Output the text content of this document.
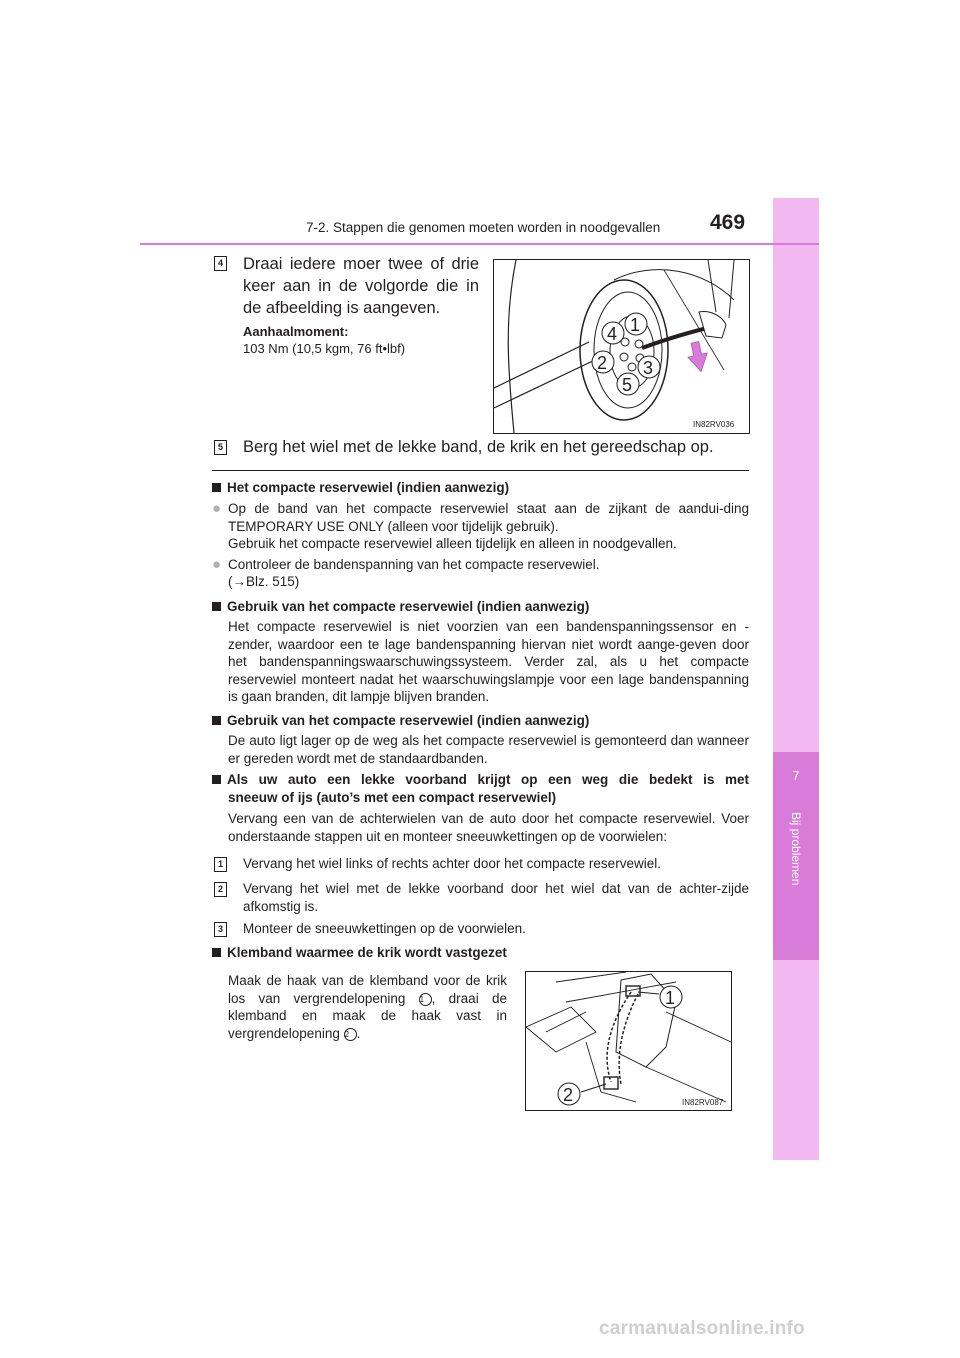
7
Bij problemen
7-2. Stappen die genomen moeten worden in noodgevallen 469
4 Draai iedere moer twee of drie keer aan in de volgorde die in de afbeelding is aangeven.
Aanhaalmoment:
103 Nm (10,5 kgm, 76 ft•lbf)
4 1
2 3
5
IN82RV036
5 Berg het wiel met de lekke band, de krik en het gereedschap op.
Het compacte reservewiel (indien aanwezig)
● Op de band van het compacte reservewiel staat aan de zijkant de aandui-ding TEMPORARY USE ONLY (alleen voor tijdelijk gebruik).
Gebruik het compacte reservewiel alleen tijdelijk en alleen in noodgevallen.
● Controleer de bandenspanning van het compacte reservewiel.
(→Blz. 515)
Gebruik van het compacte reservewiel (indien aanwezig)
Het compacte reservewiel is niet voorzien van een bandenspanningssensor en -zender, waardoor een te lage bandenspanning hiervan niet wordt aange-geven door het bandenspanningswaarschuwingssysteem. Verder zal, als u het compacte reservewiel monteert nadat het waarschuwingslampje voor een lage bandenspanning is gaan branden, dit lampje blijven branden.
Gebruik van het compacte reservewiel (indien aanwezig)
De auto ligt lager op de weg als het compacte reservewiel is gemonteerd dan wanneer er gereden wordt met de standaardbanden.
Als uw auto een lekke voorband krijgt op een weg die bedekt is met
sneeuw of ijs (auto’s met een compact reservewiel)
Vervang een van de achterwielen van de auto door het compacte reservewiel. Voer onderstaande stappen uit en monteer sneeuwkettingen op de voorwielen:
1 Vervang het wiel links of rechts achter door het compacte reservewiel.
2 Vervang het wiel met de lekke voorband door het wiel dat van de achter-zijde afkomstig is.
3 Monteer de sneeuwkettingen op de voorwielen.
Klemband waarmee de krik wordt vastgezet
Maak de haak van de klemband voor de krik los van vergrendelopening 1 , draai de klemband en maak de haak vast in vergrendelopening 2 .
1
2	IN82RV087
carmanualsonline.info
